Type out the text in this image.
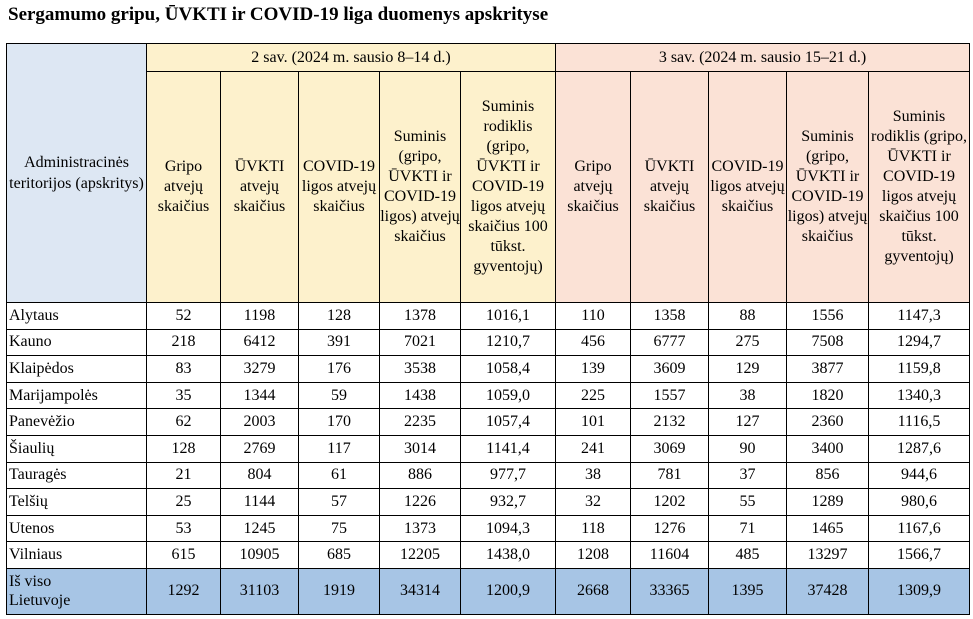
Sergamumo gripu, ŪVKTI ir COVID-19 liga duomenys apskrityse
Administracinės teritorijos (apskritys)	2 sav. (2024 m. sausio 8–14 d.)					3 sav. (2024 m. sausio 15–21 d.)				
	Gripo atvejų skaičius	ŪVKTI atvejų skaičius	COVID-19 ligos atvejų skaičius	Suminis (gripo, ŪVKTI ir COVID-19 ligos) atvejų skaičius	Suminis rodiklis (gripo, ŪVKTI ir COVID-19 ligos atvejų skaičius 100 tūkst. gyventojų)	Gripo atvejų skaičius	ŪVKTI atvejų skaičius	COVID-19 ligos atvejų skaičius	Suminis (gripo, ŪVKTI ir COVID-19 ligos) atvejų skaičius	Suminis rodiklis (gripo, ŪVKTI ir COVID-19 ligos atvejų skaičius 100 tūkst. gyventojų)
Alytaus	52	1198	128	1378	1016,1	110	1358	88	1556	1147,3
Kauno	218	6412	391	7021	1210,7	456	6777	275	7508	1294,7
Klaipėdos	83	3279	176	3538	1058,4	139	3609	129	3877	1159,8
Marijampolės	35	1344	59	1438	1059,0	225	1557	38	1820	1340,3
Panevėžio	62	2003	170	2235	1057,4	101	2132	127	2360	1116,5
Šiaulių	128	2769	117	3014	1141,4	241	3069	90	3400	1287,6
Tauragės	21	804	61	886	977,7	38	781	37	856	944,6
Telšių	25	1144	57	1226	932,7	32	1202	55	1289	980,6
Utenos	53	1245	75	1373	1094,3	118	1276	71	1465	1167,6
Vilniaus	615	10905	685	12205	1438,0	1208	11604	485	13297	1566,7

Iš viso
Lietuvoje	1292	31103	1919	34314	1200,9	2668	33365	1395	37428	1309,9
